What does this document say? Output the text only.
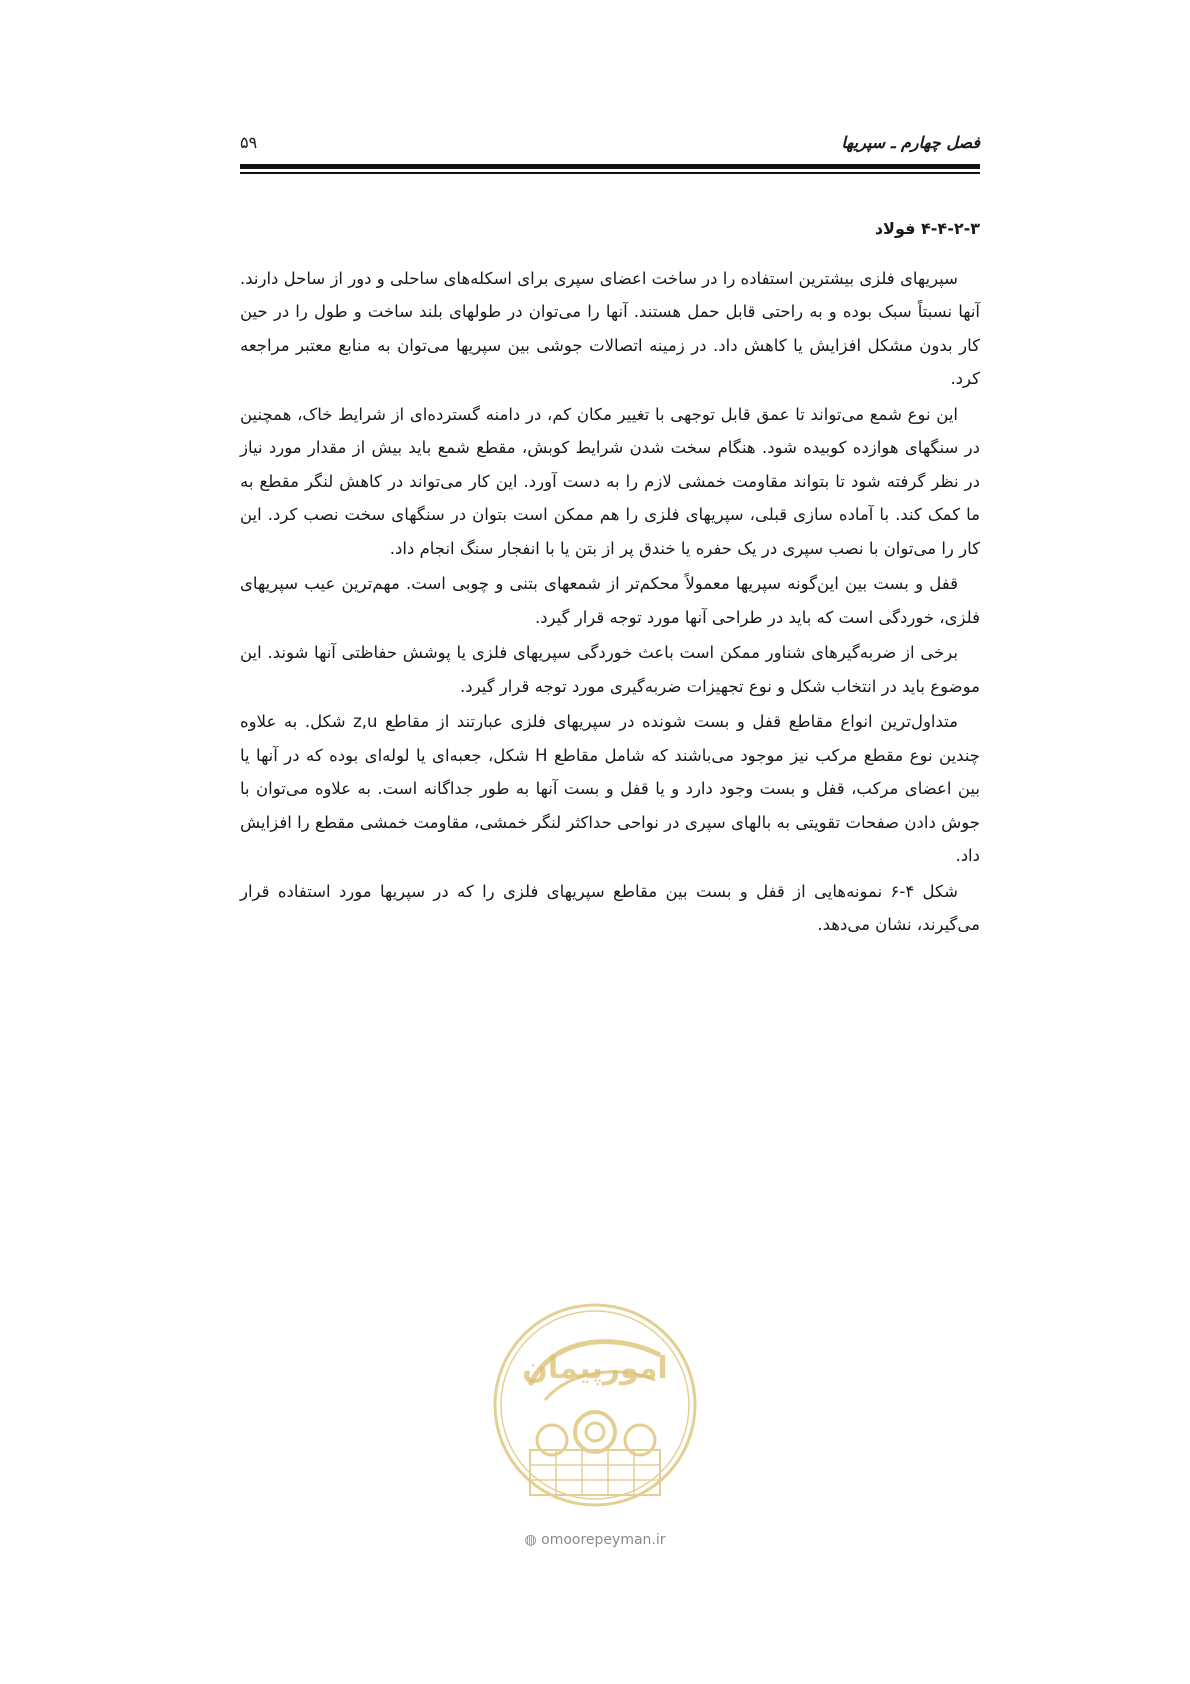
فصل چهارم ـ سپریها
۵۹
۴-۴-۲-۳ فولاد

سپریهای فلزی بیشترین استفاده را در ساخت اعضای سپری برای اسکله‌های ساحلی و دور از ساحل دارند. آنها نسبتاً سبک بوده و به راحتی قابل حمل هستند. آنها را می‌توان در طولهای بلند ساخت و طول را در حین کار بدون مشکل افزایش یا کاهش داد. در زمینه اتصالات جوشی بین سپریها می‌توان به منابع معتبر مراجعه کرد.

این نوع شمع می‌تواند تا عمق قابل توجهی با تغییر مکان کم، در دامنه گسترده‌ای از شرایط خاک، همچنین در سنگهای هوازده کوبیده شود. هنگام سخت شدن شرایط کوبش، مقطع شمع باید بیش از مقدار مورد نیاز در نظر گرفته شود تا بتواند مقاومت خمشی لازم را به دست آورد. این کار می‌تواند در کاهش لنگر مقطع به ما کمک کند. با آماده سازی قبلی، سپریهای فلزی را هم ممکن است بتوان در سنگهای سخت نصب کرد. این کار را می‌توان با نصب سپری در یک حفره یا خندق پر از بتن یا با انفجار سنگ انجام داد.

قفل و بست بین این‌گونه سپریها معمولاً محکم‌تر از شمعهای بتنی و چوبی است. مهم‌ترین عیب سپریهای فلزی، خوردگی است که باید در طراحی آنها مورد توجه قرار گیرد.

برخی از ضربه‌گیرهای شناور ممکن است باعث خوردگی سپریهای فلزی یا پوشش حفاظتی آنها شوند. این موضوع باید در انتخاب شکل و نوع تجهیزات ضربه‌گیری مورد توجه قرار گیرد.

متداول‌ترین انواع مقاطع قفل و بست شونده در سپریهای فلزی عبارتند از مقاطع z,u شکل. به علاوه چندین نوع مقطع مرکب نیز موجود می‌باشند که شامل مقاطع H شکل، جعبه‌ای یا لوله‌ای بوده که در آنها یا بین اعضای مرکب، قفل و بست وجود دارد و یا قفل و بست آنها به طور جداگانه است. به علاوه می‌توان با جوش دادن صفحات تقویتی به بالهای سپری در نواحی حداکثر لنگر خمشی، مقاومت خمشی مقطع را افزایش داد.

شکل ۴-۶ نمونه‌هایی از قفل و بست بین مقاطع سپریهای فلزی را که در سپریها مورد استفاده قرار می‌گیرند، نشان می‌دهد.

امورپیمان
◍ omoorepeyman.ir
